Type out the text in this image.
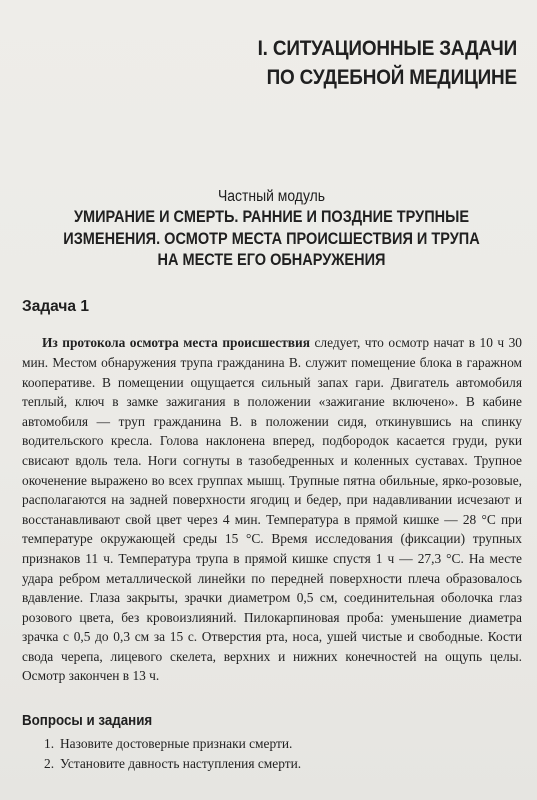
I. СИТУАЦИОННЫЕ ЗАДАЧИ
ПО СУДЕБНОЙ МЕДИЦИНЕ
Частный модуль
УМИРАНИЕ И СМЕРТЬ. РАННИЕ И ПОЗДНИЕ ТРУПНЫЕ
ИЗМЕНЕНИЯ. ОСМОТР МЕСТА ПРОИСШЕСТВИЯ И ТРУПА
НА МЕСТЕ ЕГО ОБНАРУЖЕНИЯ
Задача 1

Из протокола осмотра места происшествия следует, что осмотр начат в 10 ч 30 мин. Местом обнаружения трупа гражданина В. служит помещение блока в гаражном кооперативе. В помещении ощущается сильный запах гари. Двигатель автомобиля теплый, ключ в замке зажигания в положении «зажигание включено». В кабине автомобиля — труп гражданина В. в положении сидя, откинувшись на спинку водительского кресла. Голова наклонена вперед, подбородок касается груди, руки свисают вдоль тела. Ноги согнуты в тазобедренных и коленных суставах. Трупное окоченение выражено во всех группах мышц. Трупные пятна обильные, ярко-розовые, располагаются на задней поверхности ягодиц и бедер, при надавливании исчезают и восстанавливают свой цвет через 4 мин. Температура в прямой кишке — 28 °С при температуре окружающей среды 15 °С. Время исследования (фиксации) трупных признаков 11 ч. Температура трупа в прямой кишке спустя 1 ч — 27,3 °С. На месте удара ребром металлической линейки по передней поверхности плеча образовалось вдавление. Глаза закрыты, зрачки диаметром 0,5 см, соединительная оболочка глаз розового цвета, без кровоизлияний. Пилокарпиновая проба: уменьшение диаметра зрачка с 0,5 до 0,3 см за 15 с. Отверстия рта, носа, ушей чистые и свободные. Кости свода черепа, лицевого скелета, верхних и нижних конечностей на ощупь целы. Осмотр закончен в 13 ч.

Вопросы и задания
1. Назовите достоверные признаки смерти.
2. Установите давность наступления смерти.
